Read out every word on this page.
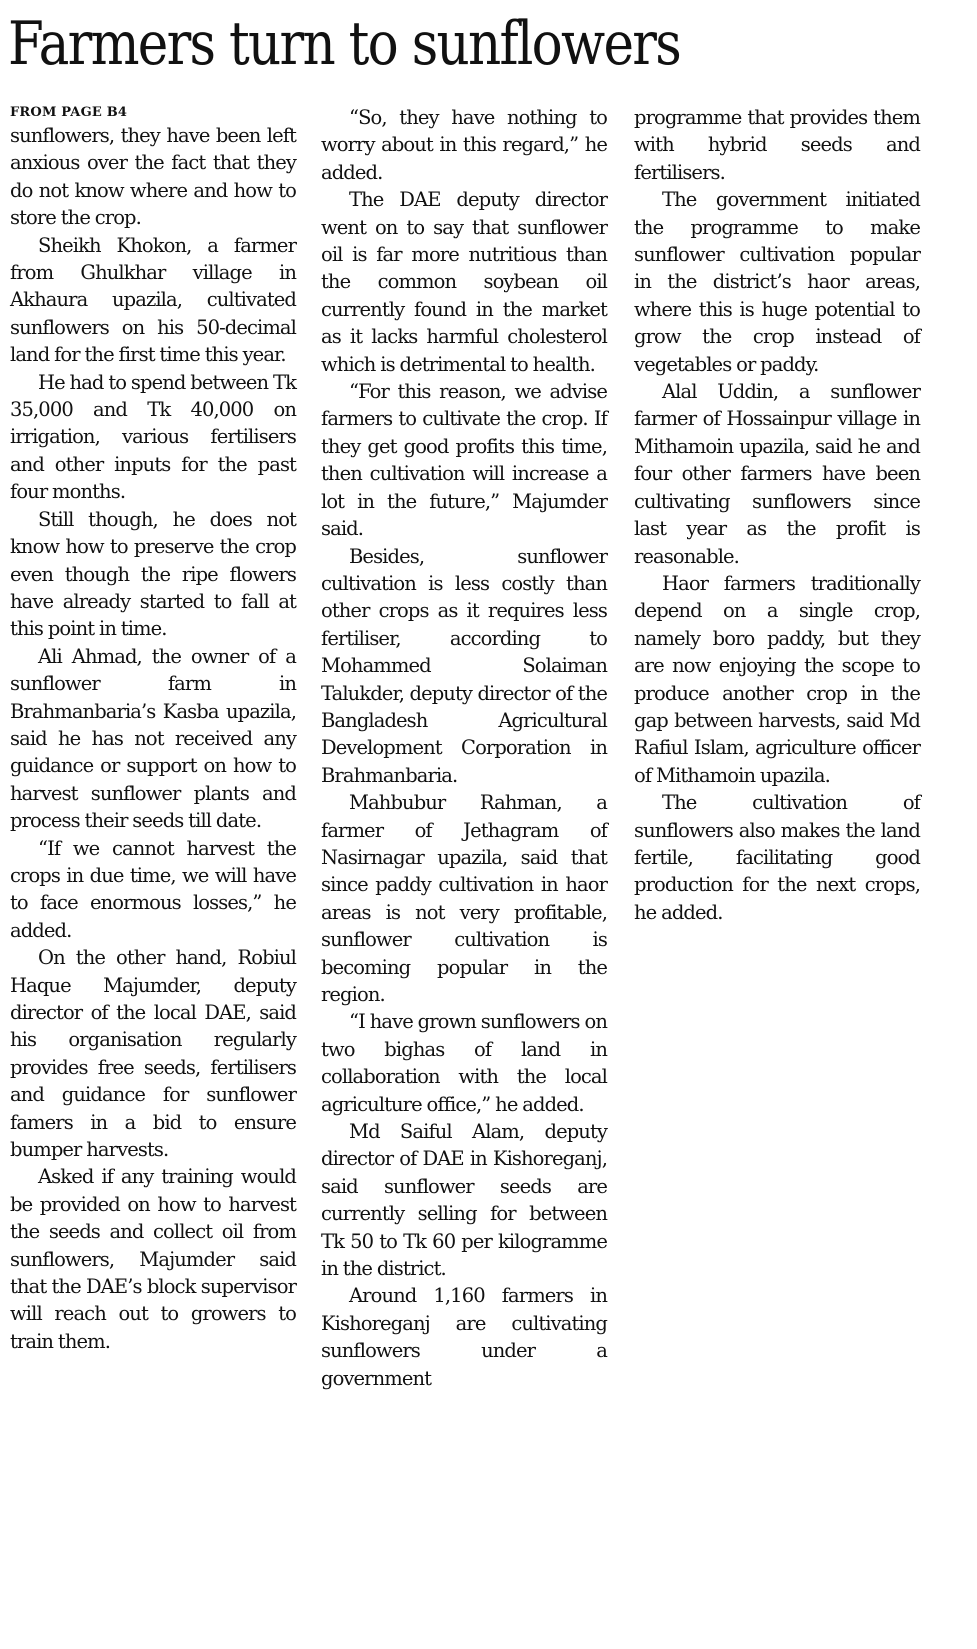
Farmers turn to sunflowers
FROM PAGE B4

sunflowers, they have been left anxious over the fact that they do not know where and how to store the crop.

Sheikh Khokon, a farmer from Ghulkhar village in Akhaura upazila, cultivated sunflowers on his 50-decimal land for the first time this year.

He had to spend between Tk 35,000 and Tk 40,000 on irrigation, various fertilisers and other inputs for the past four months.

Still though, he does not know how to preserve the crop even though the ripe flowers have already started to fall at this point in time.

Ali Ahmad, the owner of a sunflower farm in Brahmanbaria’s Kasba upazila, said he has not received any guidance or support on how to harvest sunflower plants and process their seeds till date.

“If we cannot harvest the crops in due time, we will have to face enormous losses,” he added.

On the other hand, Robiul Haque Majumder, deputy director of the local DAE, said his organisation regularly provides free seeds, fertilisers and guidance for sunflower famers in a bid to ensure bumper harvests.

Asked if any training would be provided on how to harvest the seeds and collect oil from sunflowers, Majumder said that the DAE’s block supervisor will reach out to growers to train them.

“So, they have nothing to worry about in this regard,” he added.

The DAE deputy director went on to say that sunflower oil is far more nutritious than the common soybean oil currently found in the market as it lacks harmful cholesterol which is detrimental to health.

“For this reason, we advise farmers to cultivate the crop. If they get good profits this time, then cultivation will increase a lot in the future,” Majumder said.

Besides, sunflower cultivation is less costly than other crops as it requires less fertiliser, according to Mohammed Solaiman Talukder, deputy director of the Bangladesh Agricultural Development Corporation in Brahmanbaria.

Mahbubur Rahman, a farmer of Jethagram of Nasirnagar upazila, said that since paddy cultivation in haor areas is not very profitable, sunflower cultivation is becoming popular in the region.

“I have grown sunflowers on two bighas of land in collaboration with the local agriculture office,” he added.

Md Saiful Alam, deputy director of DAE in Kishoreganj, said sunflower seeds are currently selling for between Tk 50 to Tk 60 per kilogramme in the district.

Around 1,160 farmers in Kishoreganj are cultivating sunflowers under a government

programme that provides them with hybrid seeds and fertilisers.

The government initiated the programme to make sunflower cultivation popular in the district’s haor areas, where this is huge potential to grow the crop instead of vegetables or paddy.

Alal Uddin, a sunflower farmer of Hossainpur village in Mithamoin upazila, said he and four other farmers have been cultivating sunflowers since last year as the profit is reasonable.

Haor farmers traditionally depend on a single crop, namely boro paddy, but they are now enjoying the scope to produce another crop in the gap between harvests, said Md Rafiul Islam, agriculture officer of Mithamoin upazila.

The cultivation of sunflowers also makes the land fertile, facilitating good production for the next crops, he added.
